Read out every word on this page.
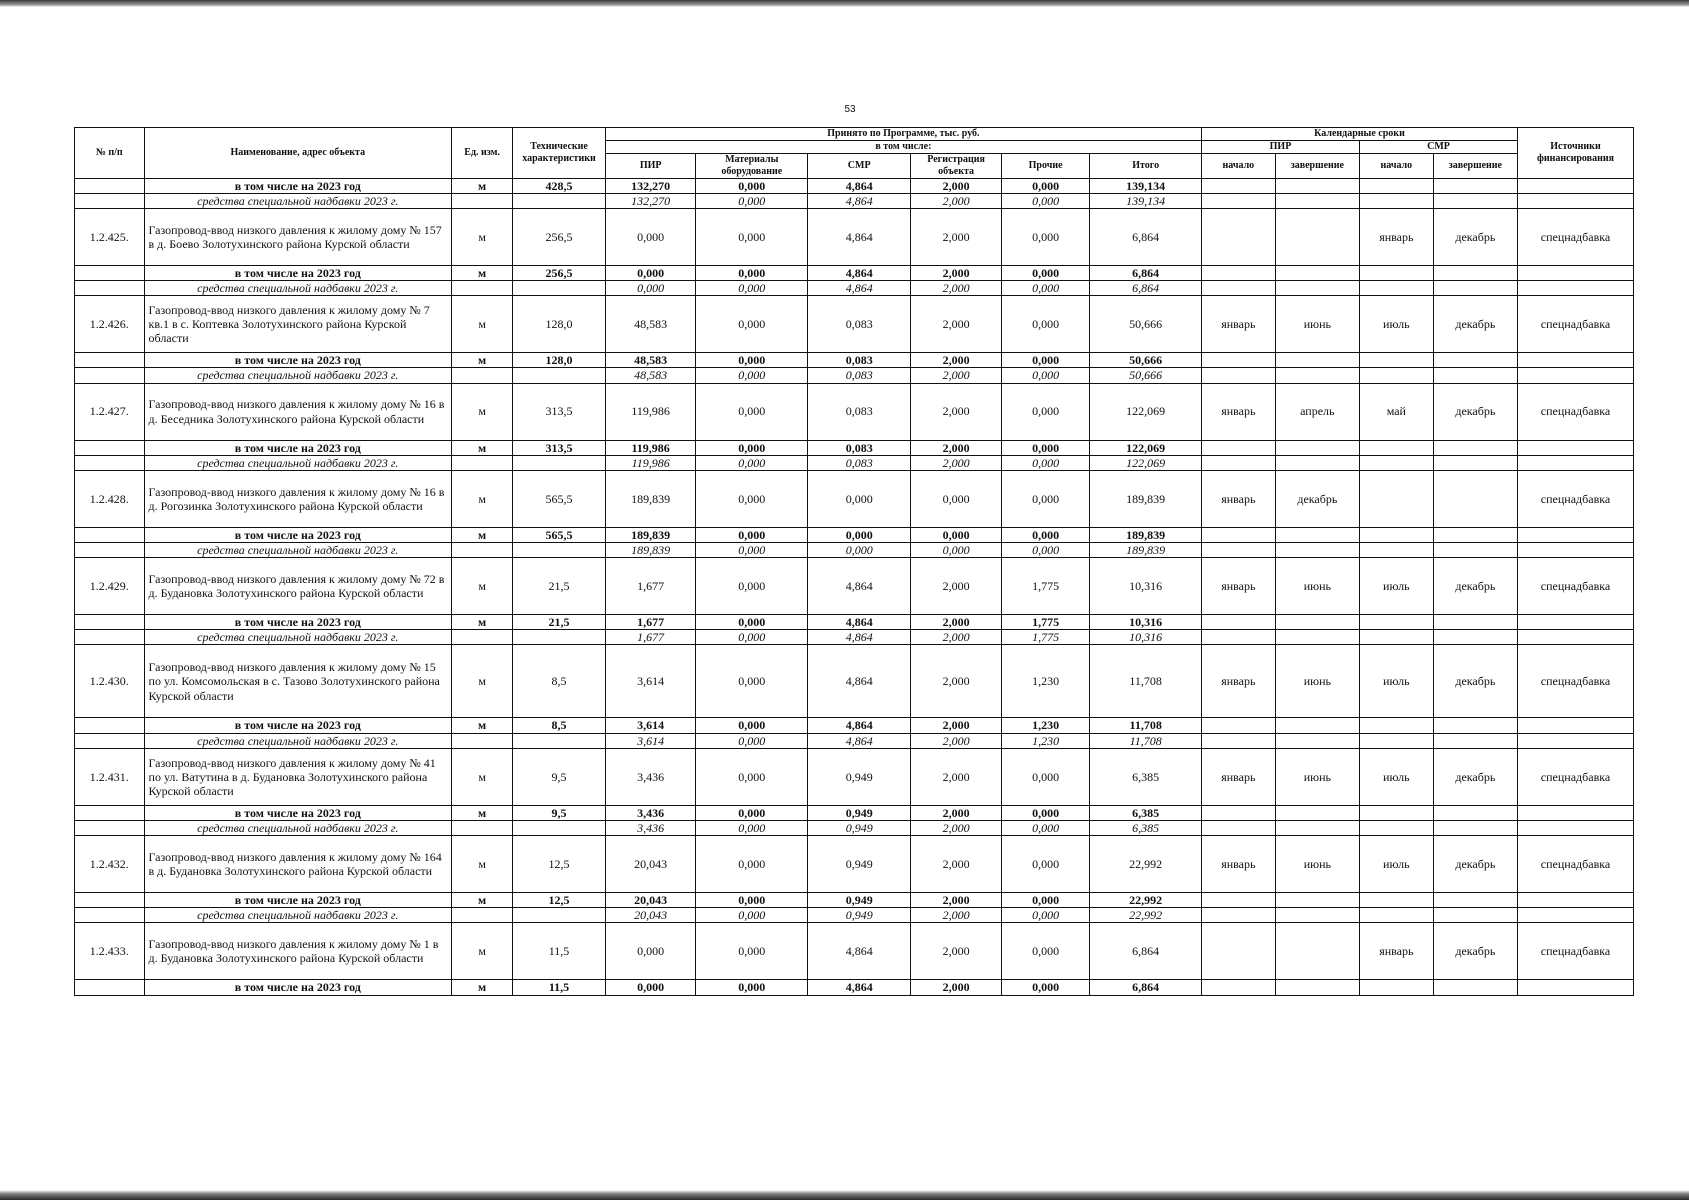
53
№ п/п	Наименование, адрес объекта	Ед. изм.	Технические характеристики	Принято по Программе, тыс. руб.						Календарные сроки				Источники финансирования
				в том числе:						ПИР		СМР		
				ПИР	Материалы оборудование	СМР	Регистрация объекта	Прочие	Итого	начало	завершение	начало	завершение	

	в том числе на 2023 год	м	428,5	132,270	0,000	4,864	2,000	0,000	139,134					
	средства специальной надбавки 2023 г.			132,270	0,000	4,864	2,000	0,000	139,134					
1.2.425.	Газопровод-ввод низкого давления к жилому дому № 157 в д. Боево Золотухинского района Курской области	м	256,5	0,000	0,000	4,864	2,000	0,000	6,864			январь	декабрь	спецнадбавка
	в том числе на 2023 год	м	256,5	0,000	0,000	4,864	2,000	0,000	6,864					
	средства специальной надбавки 2023 г.			0,000	0,000	4,864	2,000	0,000	6,864					
1.2.426.	Газопровод-ввод низкого давления к жилому дому № 7 кв.1 в с. Коптевка Золотухинского района Курской области	м	128,0	48,583	0,000	0,083	2,000	0,000	50,666	январь	июнь	июль	декабрь	спецнадбавка
	в том числе на 2023 год	м	128,0	48,583	0,000	0,083	2,000	0,000	50,666					
	средства специальной надбавки 2023 г.			48,583	0,000	0,083	2,000	0,000	50,666					
1.2.427.	Газопровод-ввод низкого давления к жилому дому № 16 в д. Беседника Золотухинского района Курской области	м	313,5	119,986	0,000	0,083	2,000	0,000	122,069	январь	апрель	май	декабрь	спецнадбавка
	в том числе на 2023 год	м	313,5	119,986	0,000	0,083	2,000	0,000	122,069					
	средства специальной надбавки 2023 г.			119,986	0,000	0,083	2,000	0,000	122,069					
1.2.428.	Газопровод-ввод низкого давления к жилому дому № 16 в д. Рогозинка Золотухинского района Курской области	м	565,5	189,839	0,000	0,000	0,000	0,000	189,839	январь	декабрь			спецнадбавка
	в том числе на 2023 год	м	565,5	189,839	0,000	0,000	0,000	0,000	189,839					
	средства специальной надбавки 2023 г.			189,839	0,000	0,000	0,000	0,000	189,839					
1.2.429.	Газопровод-ввод низкого давления к жилому дому № 72 в д. Будановка Золотухинского района Курской области	м	21,5	1,677	0,000	4,864	2,000	1,775	10,316	январь	июнь	июль	декабрь	спецнадбавка
	в том числе на 2023 год	м	21,5	1,677	0,000	4,864	2,000	1,775	10,316					
	средства специальной надбавки 2023 г.			1,677	0,000	4,864	2,000	1,775	10,316					
1.2.430.	Газопровод-ввод низкого давления к жилому дому № 15 по ул. Комсомольская в с. Тазово Золотухинского района Курской области	м	8,5	3,614	0,000	4,864	2,000	1,230	11,708	январь	июнь	июль	декабрь	спецнадбавка
	в том числе на 2023 год	м	8,5	3,614	0,000	4,864	2,000	1,230	11,708					
	средства специальной надбавки 2023 г.			3,614	0,000	4,864	2,000	1,230	11,708					
1.2.431.	Газопровод-ввод низкого давления к жилому дому № 41 по ул. Ватутина в д. Будановка Золотухинского района Курской области	м	9,5	3,436	0,000	0,949	2,000	0,000	6,385	январь	июнь	июль	декабрь	спецнадбавка
	в том числе на 2023 год	м	9,5	3,436	0,000	0,949	2,000	0,000	6,385					
	средства специальной надбавки 2023 г.			3,436	0,000	0,949	2,000	0,000	6,385					
1.2.432.	Газопровод-ввод низкого давления к жилому дому № 164 в д. Будановка Золотухинского района Курской области	м	12,5	20,043	0,000	0,949	2,000	0,000	22,992	январь	июнь	июль	декабрь	спецнадбавка
	в том числе на 2023 год	м	12,5	20,043	0,000	0,949	2,000	0,000	22,992					
	средства специальной надбавки 2023 г.			20,043	0,000	0,949	2,000	0,000	22,992					
1.2.433.	Газопровод-ввод низкого давления к жилому дому № 1 в д. Будановка Золотухинского района Курской области	м	11,5	0,000	0,000	4,864	2,000	0,000	6,864			январь	декабрь	спецнадбавка
	в том числе на 2023 год	м	11,5	0,000	0,000	4,864	2,000	0,000	6,864					
